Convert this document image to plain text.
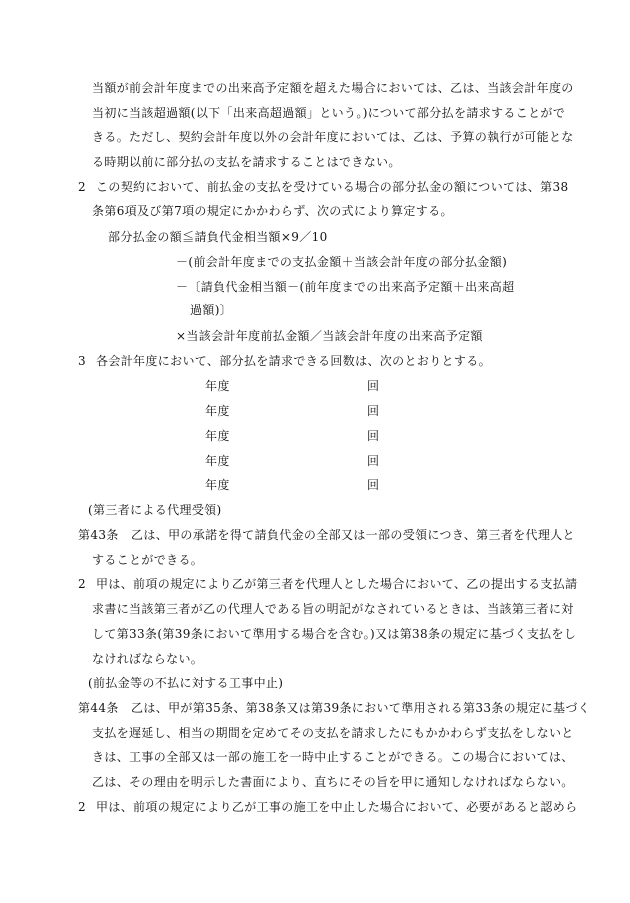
当額が前会計年度までの出来高予定額を超えた場合においては、乙は、当該会計年度の
当初に当該超過額(以下「出来高超過額」という。)について部分払を請求することがで
きる。ただし、契約会計年度以外の会計年度においては、乙は、予算の執行が可能とな
る時期以前に部分払の支払を請求することはできない。
2 この契約において、前払金の支払を受けている場合の部分払金の額については、第38
条第6項及び第7項の規定にかかわらず、次の式により算定する。
部分払金の額≦請負代金相当額×9／10
－(前会計年度までの支払金額＋当該会計年度の部分払金額)
－〔請負代金相当額－(前年度までの出来高予定額＋出来高超
過額)〕
×当該会計年度前払金額／当該会計年度の出来高予定額
3 各会計年度において、部分払を請求できる回数は、次のとおりとする。
年度	回
年度	回
年度	回
年度	回
年度	回
(第三者による代理受領)
第43条　乙は、甲の承諾を得て請負代金の全部又は一部の受領につき、第三者を代理人と
することができる。
2 甲は、前項の規定により乙が第三者を代理人とした場合において、乙の提出する支払請
求書に当該第三者が乙の代理人である旨の明記がなされているときは、当該第三者に対
して第33条(第39条において準用する場合を含む。)又は第38条の規定に基づく支払をし
なければならない。
(前払金等の不払に対する工事中止)
第44条　乙は、甲が第35条、第38条又は第39条において準用される第33条の規定に基づく
支払を遅延し、相当の期間を定めてその支払を請求したにもかかわらず支払をしないと
きは、工事の全部又は一部の施工を一時中止することができる。この場合においては、
乙は、その理由を明示した書面により、直ちにその旨を甲に通知しなければならない。
2 甲は、前項の規定により乙が工事の施工を中止した場合において、必要があると認めら
